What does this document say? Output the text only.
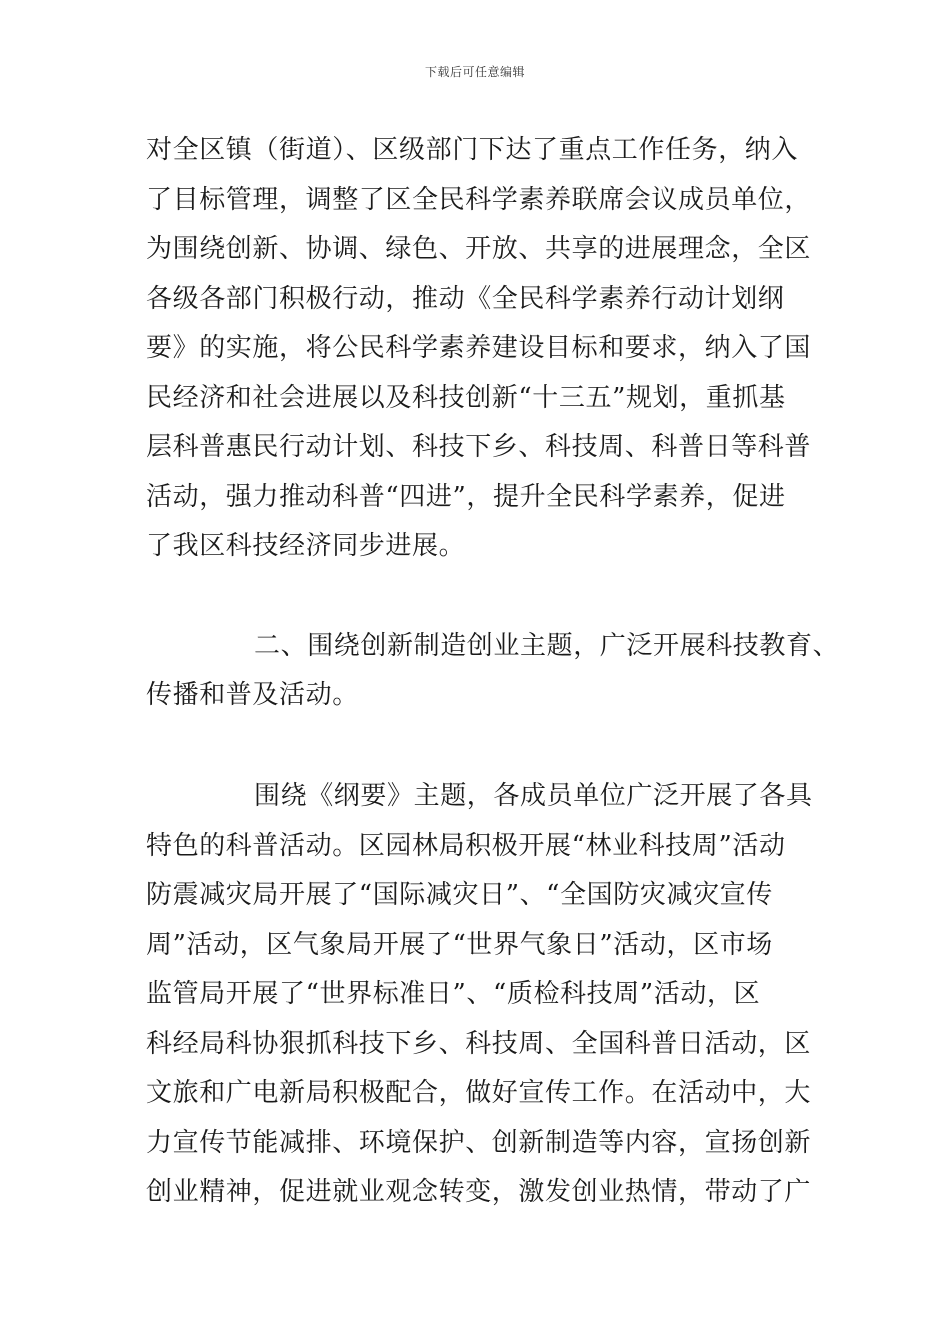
下载后可任意编辑
对全区镇（街道）、区级部门下达了重点工作任务，纳入
了目标管理，调整了区全民科学素养联席会议成员单位，
为围绕创新、协调、绿色、开放、共享的进展理念，全区
各级各部门积极行动，推动《全民科学素养行动计划纲
要》的实施，将公民科学素养建设目标和要求，纳入了国
民经济和社会进展以及科技创新“十三五”规划，重抓基
层科普惠民行动计划、科技下乡、科技周、科普日等科普
活动，强力推动科普“四进”，提升全民科学素养，促进
了我区科技经济同步进展。
二、围绕创新制造创业主题，广泛开展科技教育、
传播和普及活动。
围绕《纲要》主题，各成员单位广泛开展了各具
特色的科普活动。区园林局积极开展“林业科技周”活动
防震减灾局开展了“国际减灾日”、“全国防灾减灾宣传
周”活动，区气象局开展了“世界气象日”活动，区市场
监管局开展了“世界标准日”、“质检科技周”活动，区
科经局科协狠抓科技下乡、科技周、全国科普日活动，区
文旅和广电新局积极配合，做好宣传工作。在活动中，大
力宣传节能减排、环境保护、创新制造等内容，宣扬创新
创业精神，促进就业观念转变，激发创业热情，带动了广
